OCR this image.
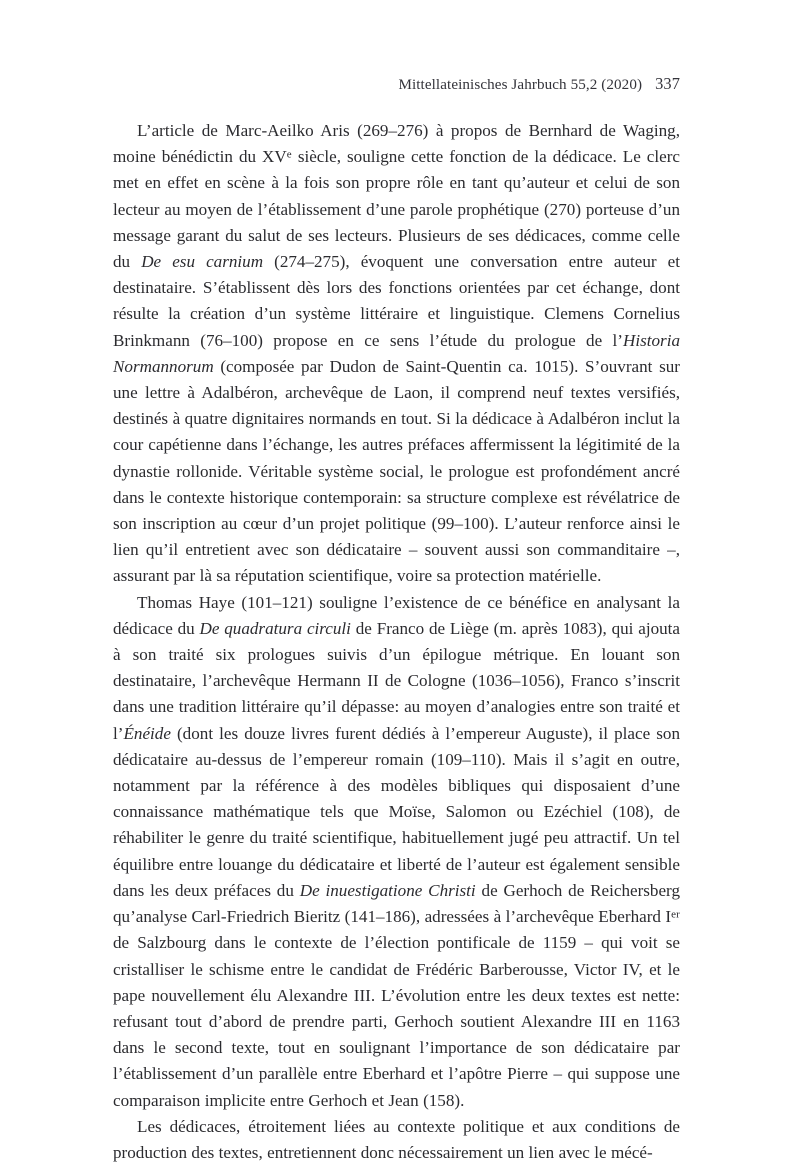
Mittellateinisches Jahrbuch 55,2 (2020) 337

L’article de Marc-Aeilko Aris (269–276) à propos de Bernhard de Waging, moine bénédictin du XVe siècle, souligne cette fonction de la dédicace. Le clerc met en effet en scène à la fois son propre rôle en tant qu’auteur et celui de son lecteur au moyen de l’établissement d’une parole prophétique (270) porteuse d’un message garant du salut de ses lecteurs. Plusieurs de ses dédicaces, comme celle du De esu carnium (274–275), évoquent une conversation entre auteur et destinataire. S’établissent dès lors des fonctions orientées par cet échange, dont résulte la création d’un système littéraire et linguistique. Clemens Cornelius Brinkmann (76–100) propose en ce sens l’étude du prologue de l’Historia Normannorum (composée par Dudon de Saint-Quentin ca. 1015). S’ouvrant sur une lettre à Adalbéron, archevêque de Laon, il comprend neuf textes versifiés, destinés à quatre dignitaires normands en tout. Si la dédicace à Adalbéron inclut la cour capétienne dans l’échange, les autres préfaces affermissent la légitimité de la dynastie rollonide. Véritable système social, le prologue est profondément ancré dans le contexte historique contemporain: sa structure complexe est révélatrice de son inscription au cœur d’un projet politique (99–100). L’auteur renforce ainsi le lien qu’il entretient avec son dédicataire – souvent aussi son commanditaire –, assurant par là sa réputation scientifique, voire sa protection matérielle.

Thomas Haye (101–121) souligne l’existence de ce bénéfice en analysant la dédicace du De quadratura circuli de Franco de Liège (m. après 1083), qui ajouta à son traité six prologues suivis d’un épilogue métrique. En louant son destinataire, l’archevêque Hermann II de Cologne (1036–1056), Franco s’inscrit dans une tradition littéraire qu’il dépasse: au moyen d’analogies entre son traité et l’Énéide (dont les douze livres furent dédiés à l’empereur Auguste), il place son dédicataire au-dessus de l’empereur romain (109–110). Mais il s’agit en outre, notamment par la référence à des modèles bibliques qui disposaient d’une connaissance mathématique tels que Moïse, Salomon ou Ezéchiel (108), de réhabiliter le genre du traité scientifique, habituellement jugé peu attractif. Un tel équilibre entre louange du dédicataire et liberté de l’auteur est également sensible dans les deux préfaces du De inuestigatione Christi de Gerhoch de Reichersberg qu’analyse Carl-Friedrich Bieritz (141–186), adressées à l’archevêque Eberhard Ier de Salzbourg dans le contexte de l’élection pontificale de 1159 – qui voit se cristalliser le schisme entre le candidat de Frédéric Barberousse, Victor IV, et le pape nouvellement élu Alexandre III. L’évolution entre les deux textes est nette: refusant tout d’abord de prendre parti, Gerhoch soutient Alexandre III en 1163 dans le second texte, tout en soulignant l’importance de son dédicataire par l’établissement d’un parallèle entre Eberhard et l’apôtre Pierre – qui suppose une comparaison implicite entre Gerhoch et Jean (158).

Les dédicaces, étroitement liées au contexte politique et aux conditions de production des textes, entretiennent donc nécessairement un lien avec le mécé-
